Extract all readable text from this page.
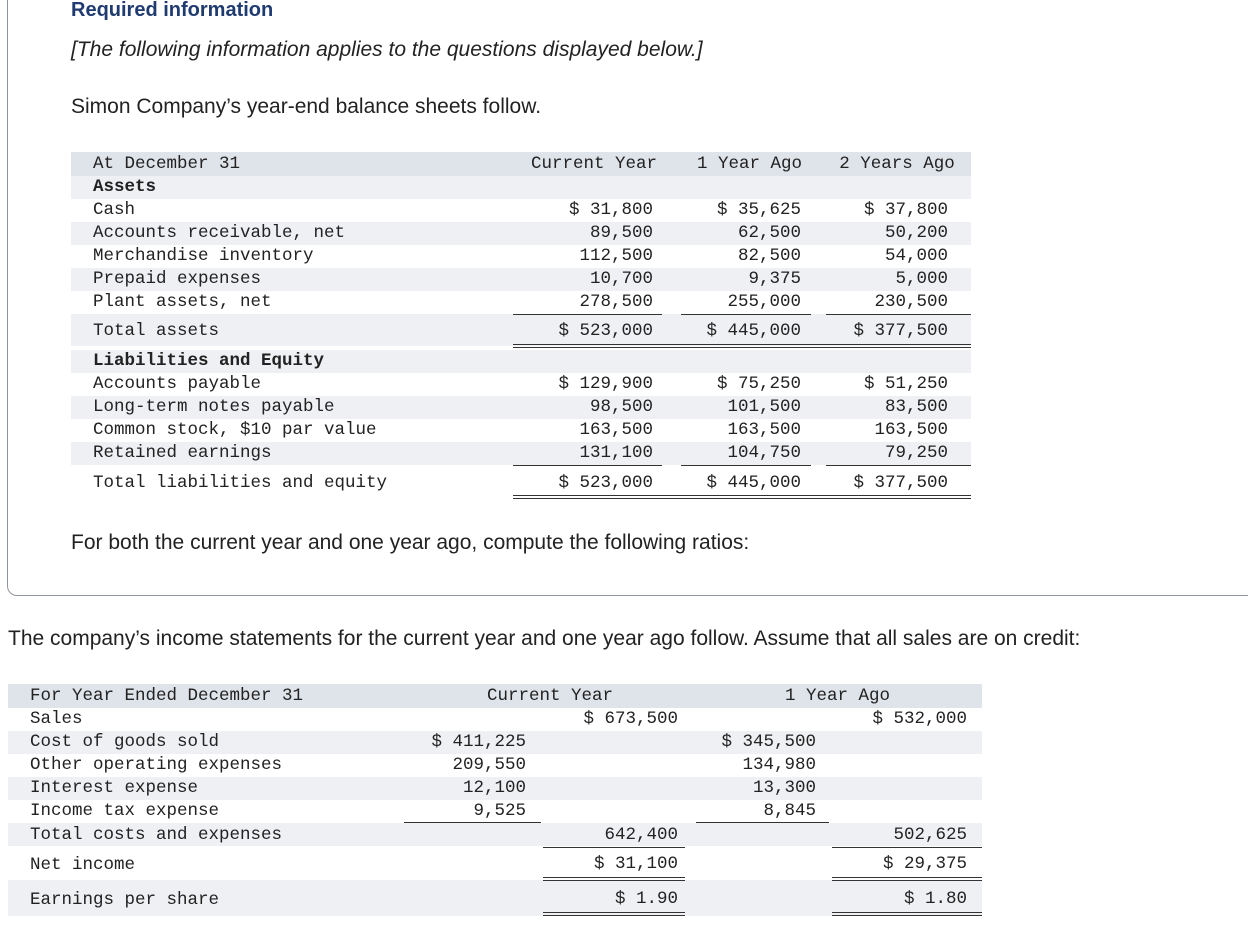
Required information
[The following information applies to the questions displayed below.]
Simon Company’s year-end balance sheets follow.
At December 31	Current Year	1 Year Ago	2 Years Ago
Assets
Cash	$ 31,800	$ 35,625	$ 37,800
Accounts receivable, net	89,500	62,500	50,200
Merchandise inventory	112,500	82,500	54,000
Prepaid expenses	10,700	9,375	5,000
Plant assets, net	278,500	255,000	230,500
Total assets	$ 523,000	$ 445,000	$ 377,500
Liabilities and Equity
Accounts payable	$ 129,900	$ 75,250	$ 51,250
Long-term notes payable	98,500	101,500	83,500
Common stock, $10 par value	163,500	163,500	163,500
Retained earnings	131,100	104,750	79,250
Total liabilities and equity	$ 523,000	$ 445,000	$ 377,500
For both the current year and one year ago, compute the following ratios:
The company’s income statements for the current year and one year ago follow. Assume that all sales are on credit:
For Year Ended December 31	Current Year	1 Year Ago
Sales	$ 673,500	$ 532,000
Cost of goods sold	$ 411,225	$ 345,500
Other operating expenses	209,550	134,980
Interest expense	12,100	13,300
Income tax expense	9,525	8,845
Total costs and expenses	642,400	502,625
Net income	$ 31,100	$ 29,375
Earnings per share	$ 1.90	$ 1.80
